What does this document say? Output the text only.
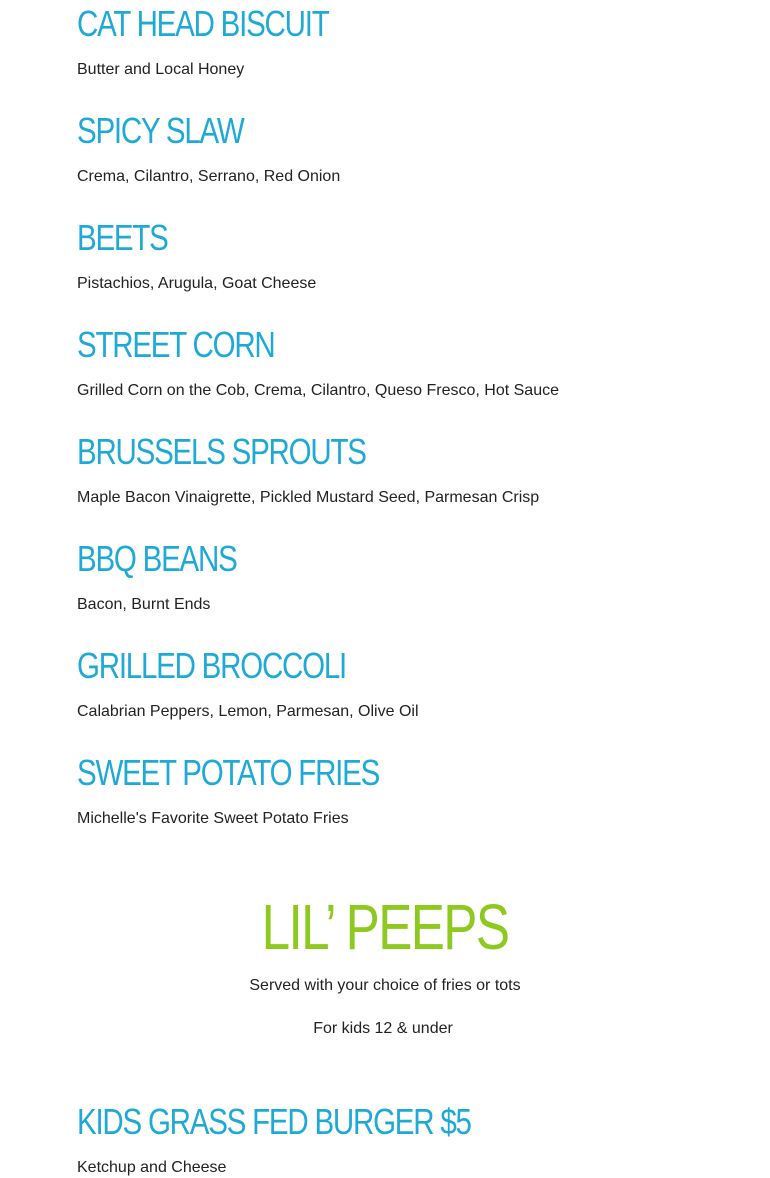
CAT HEAD BISCUIT

Butter and Local Honey

SPICY SLAW

Crema, Cilantro, Serrano, Red Onion

BEETS

Pistachios, Arugula, Goat Cheese

STREET CORN

Grilled Corn on the Cob, Crema, Cilantro, Queso Fresco, Hot Sauce

BRUSSELS SPROUTS

Maple Bacon Vinaigrette, Pickled Mustard Seed, Parmesan Crisp

BBQ BEANS

Bacon, Burnt Ends

GRILLED BROCCOLI

Calabrian Peppers, Lemon, Parmesan, Olive Oil

SWEET POTATO FRIES

Michelle's Favorite Sweet Potato Fries

LIL’ PEEPS

Served with your choice of fries or tots

For kids 12 & under

KIDS GRASS FED BURGER $5

Ketchup and Cheese
